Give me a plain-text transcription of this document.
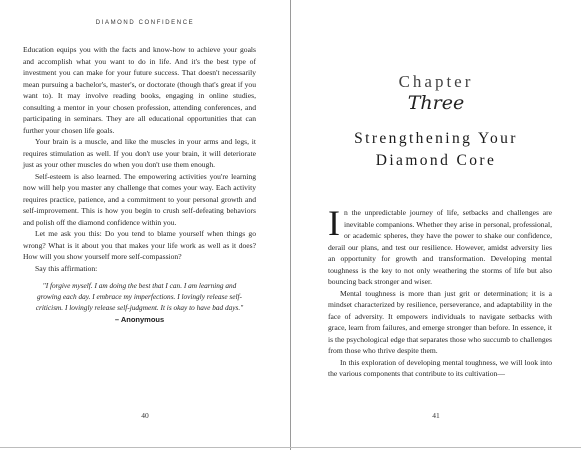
DIAMOND CONFIDENCE

Education equips you with the facts and know-how to achieve your goals and accomplish what you want to do in life. And it's the best type of investment you can make for your future success. That doesn't necessarily mean pursuing a bachelor's, master's, or doctorate (though that's great if you want to). It may involve reading books, engaging in online studies, consulting a mentor in your chosen profession, attending conferences, and participating in seminars. They are all educational opportunities that can further your chosen life goals.

Your brain is a muscle, and like the muscles in your arms and legs, it requires stimulation as well. If you don't use your brain, it will deteriorate just as your other muscles do when you don't use them enough.

Self-esteem is also learned. The empowering activities you're learning now will help you master any challenge that comes your way. Each activity requires practice, patience, and a commitment to your personal growth and self-improvement. This is how you begin to crush self-defeating behaviors and polish off the diamond confidence within you.

Let me ask you this: Do you tend to blame yourself when things go wrong? What is it about you that makes your life work as well as it does? How will you show yourself more self-compassion?

Say this affirmation:

"I forgive myself. I am doing the best that I can. I am learning and growing each day. I embrace my imperfections. I lovingly release self-criticism. I lovingly release self-judgment. It is okay to have bad days."
– Anonymous
40
Chapter
Three
Strengthening Your
Diamond Core

In the unpredictable journey of life, setbacks and challenges are inevitable companions. Whether they arise in personal, professional, or academic spheres, they have the power to shake our confidence, derail our plans, and test our resilience. However, amidst adversity lies an opportunity for growth and transformation. Developing mental toughness is the key to not only weathering the storms of life but also bouncing back stronger and wiser.

Mental toughness is more than just grit or determination; it is a mindset characterized by resilience, perseverance, and adaptability in the face of adversity. It empowers individuals to navigate setbacks with grace, learn from failures, and emerge stronger than before. In essence, it is the psychological edge that separates those who succumb to challenges from those who thrive despite them.

In this exploration of developing mental toughness, we will look into the various components that contribute to its cultivation—

41
